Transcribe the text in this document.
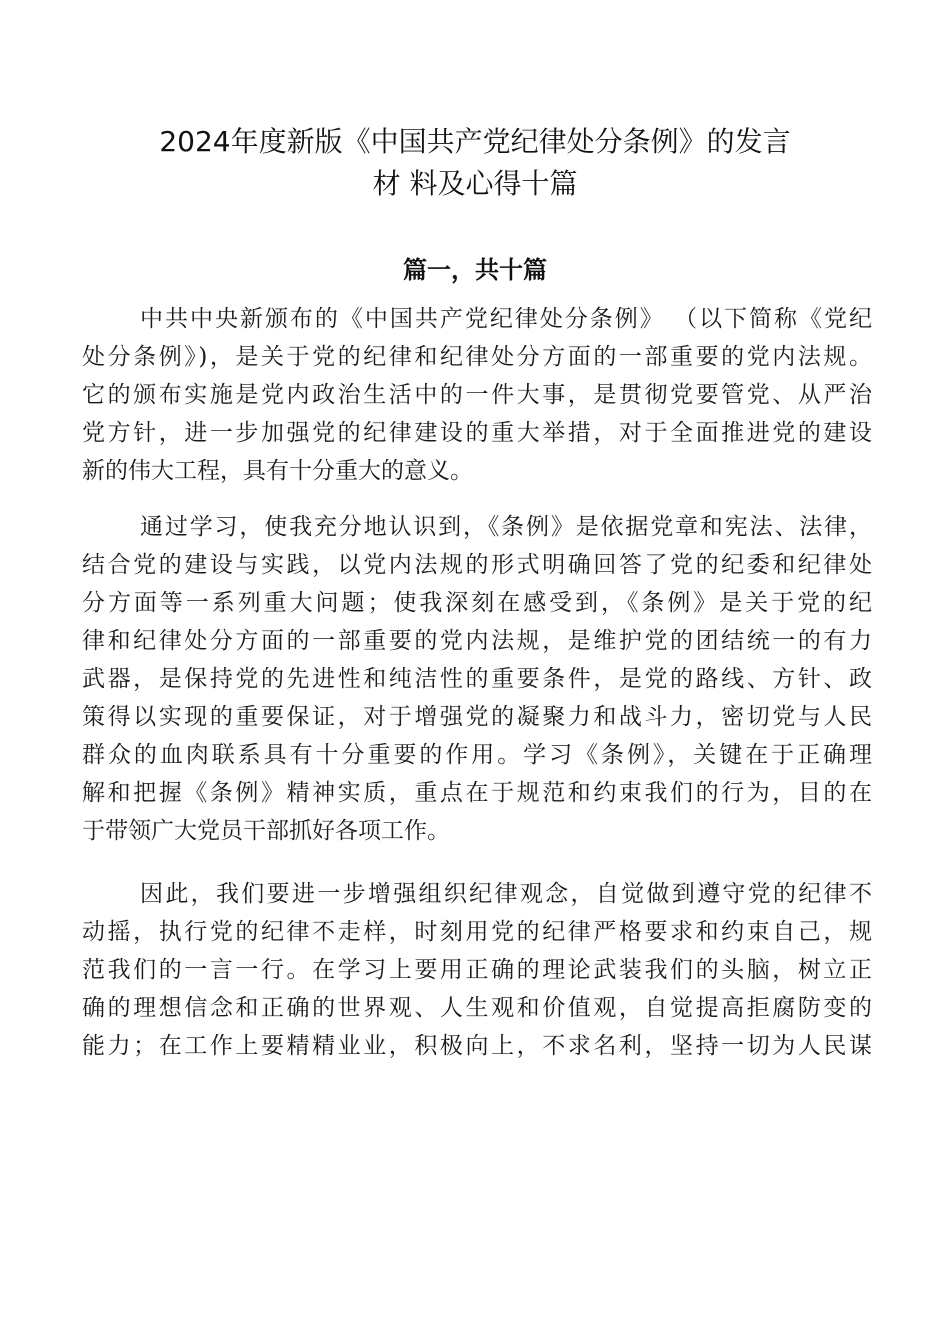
2024年度新版《中国共产党纪律处分条例》的发言
材 料及心得十篇
篇一，共十篇
中共中央新颁布的《中国共产党纪律处分条例》 （以下简称《党纪
处分条例》)，是关于党的纪律和纪律处分方面的一部重要的党内法规。
它的颁布实施是党内政治生活中的一件大事，是贯彻党要管党、从严治
党方针，进一步加强党的纪律建设的重大举措，对于全面推进党的建设
新的伟大工程，具有十分重大的意义。
通过学习，使我充分地认识到，《条例》是依据党章和宪法、法律，
结合党的建设与实践，以党内法规的形式明确回答了党的纪委和纪律处
分方面等一系列重大问题；使我深刻在感受到，《条例》是关于党的纪
律和纪律处分方面的一部重要的党内法规，是维护党的团结统一的有力
武器，是保持党的先进性和纯洁性的重要条件，是党的路线、方针、政
策得以实现的重要保证，对于增强党的凝聚力和战斗力，密切党与人民
群众的血肉联系具有十分重要的作用。学习《条例》，关键在于正确理
解和把握《条例》精神实质，重点在于规范和约束我们的行为，目的在
于带领广大党员干部抓好各项工作。
因此，我们要进一步增强组织纪律观念，自觉做到遵守党的纪律不
动摇，执行党的纪律不走样，时刻用党的纪律严格要求和约束自己，规
范我们的一言一行。在学习上要用正确的理论武装我们的头脑，树立正
确的理想信念和正确的世界观、人生观和价值观，自觉提高拒腐防变的
能力；在工作上要精精业业，积极向上，不求名利，坚持一切为人民谋
